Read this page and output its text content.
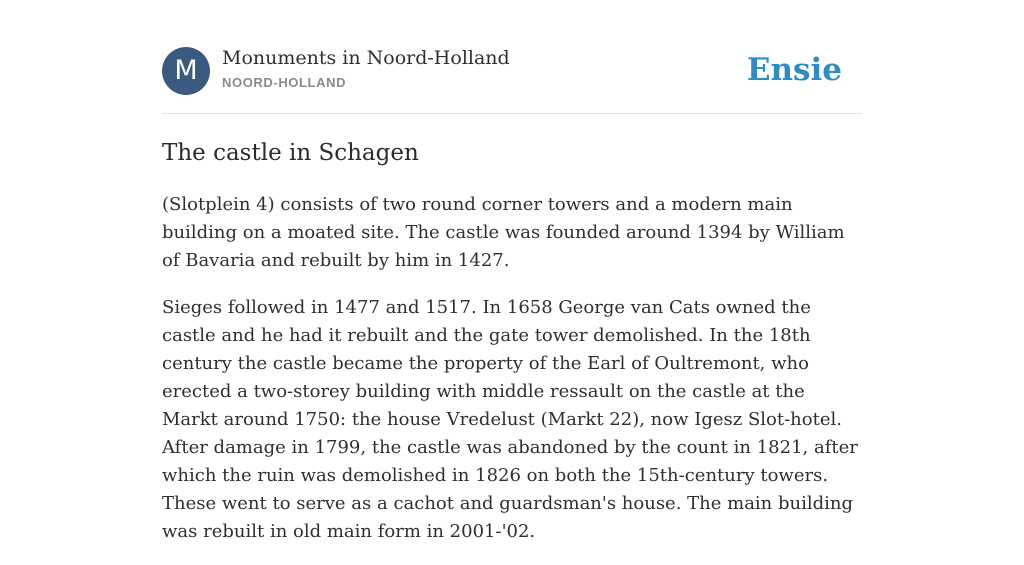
M	Monuments in Noord-Holland
NOORD-HOLLAND	Ensie
The castle in Schagen

(Slotplein 4) consists of two round corner towers and a modern main building on a moated site. The castle was founded around 1394 by William of Bavaria and rebuilt by him in 1427.

Sieges followed in 1477 and 1517. In 1658 George van Cats owned the castle and he had it rebuilt and the gate tower demolished. In the 18th century the castle became the property of the Earl of Oultremont, who erected a two-storey building with middle ressault on the castle at the Markt around 1750: the house Vredelust (Markt 22), now Igesz Slot-hotel. After damage in 1799, the castle was abandoned by the count in 1821, after which the ruin was demolished in 1826 on both the 15th-century towers. These went to serve as a cachot and guardsman's house. The main building was rebuilt in old main form in 2001-'02.
